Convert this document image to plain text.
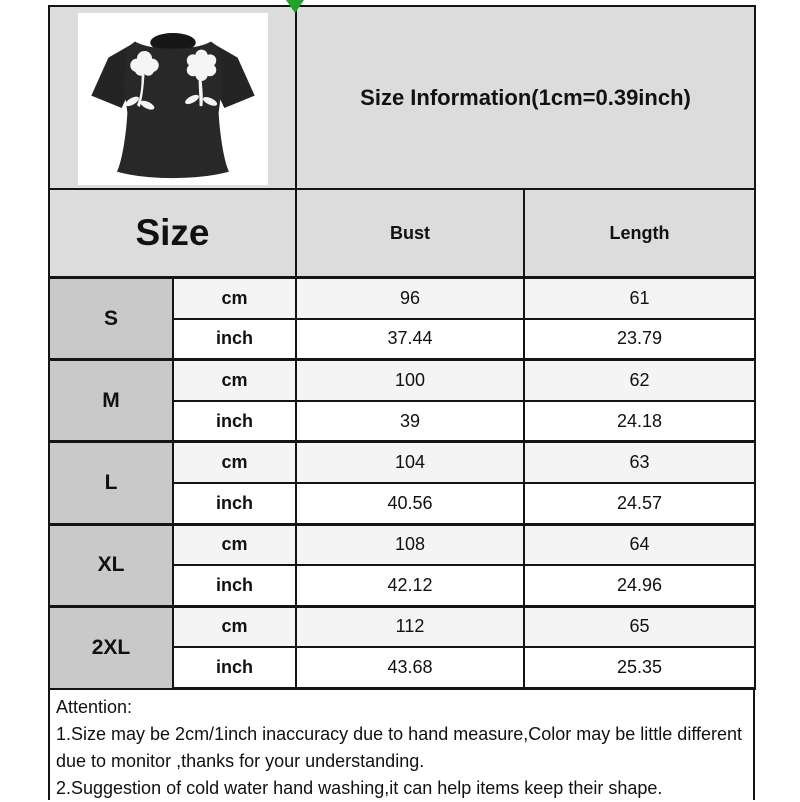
	Size Information(1cm=0.39inch)	
Size		Bust	Length
S	cm	96	61
	inch	37.44	23.79
M	cm	100	62
	inch	39	24.18
L	cm	104	63
	inch	40.56	24.57
XL	cm	108	64
	inch	42.12	24.96
2XL	cm	112	65
	inch	43.68	25.35
Attention:
1.Size may be 2cm/1inch inaccuracy due to hand measure,Color may be little different due to monitor ,thanks for your understanding.
2.Suggestion of cold water hand washing,it can help items keep their shape.
